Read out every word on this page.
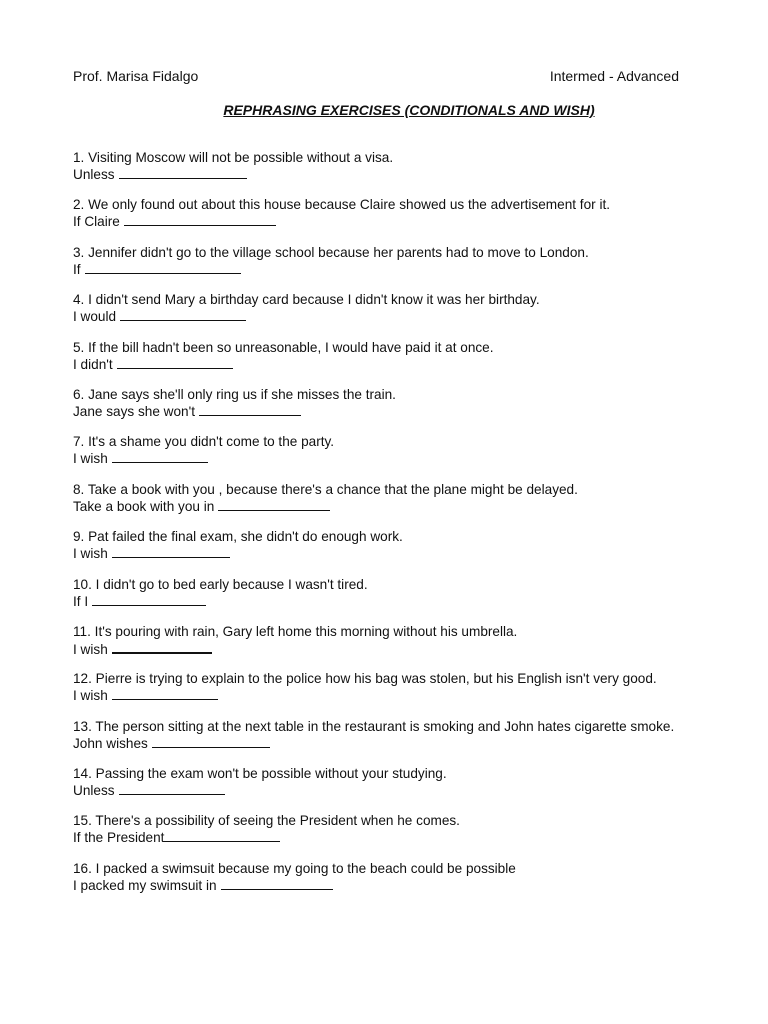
Prof. Marisa Fidalgo	Intermed - Advanced
REPHRASING EXERCISES (CONDITIONALS AND WISH)
1. Visiting Moscow will not be possible without a visa.
Unless
2. We only found out about this house because Claire showed us the advertisement for it.
If Claire
3. Jennifer didn't go to the village school because her parents had to move to London.
If
4. I didn't send Mary a birthday card because I didn't know it was her birthday.
I would
5. If the bill hadn't been so unreasonable, I would have paid it at once.
I didn't
6. Jane says she'll only ring us if she misses the train.
Jane says she won't
7. It's a shame you didn't come to the party.
I wish
8. Take a book with you , because there's a chance that the plane might be delayed.
Take a book with you in
9. Pat failed the final exam, she didn't do enough work.
I wish
10. I didn't go to bed early because I wasn't tired.
If I
11. It's pouring with rain, Gary left home this morning without his umbrella.
I wish
12. Pierre is trying to explain to the police how his bag was stolen, but his English isn't very good.
I wish
13. The person sitting at the next table in the restaurant is smoking and John hates cigarette smoke.
John wishes
14. Passing the exam won't be possible without your studying.
Unless
15. There's a possibility of seeing the President when he comes.
If the President
16. I packed a swimsuit because my going to the beach could be possible
I packed my swimsuit in
